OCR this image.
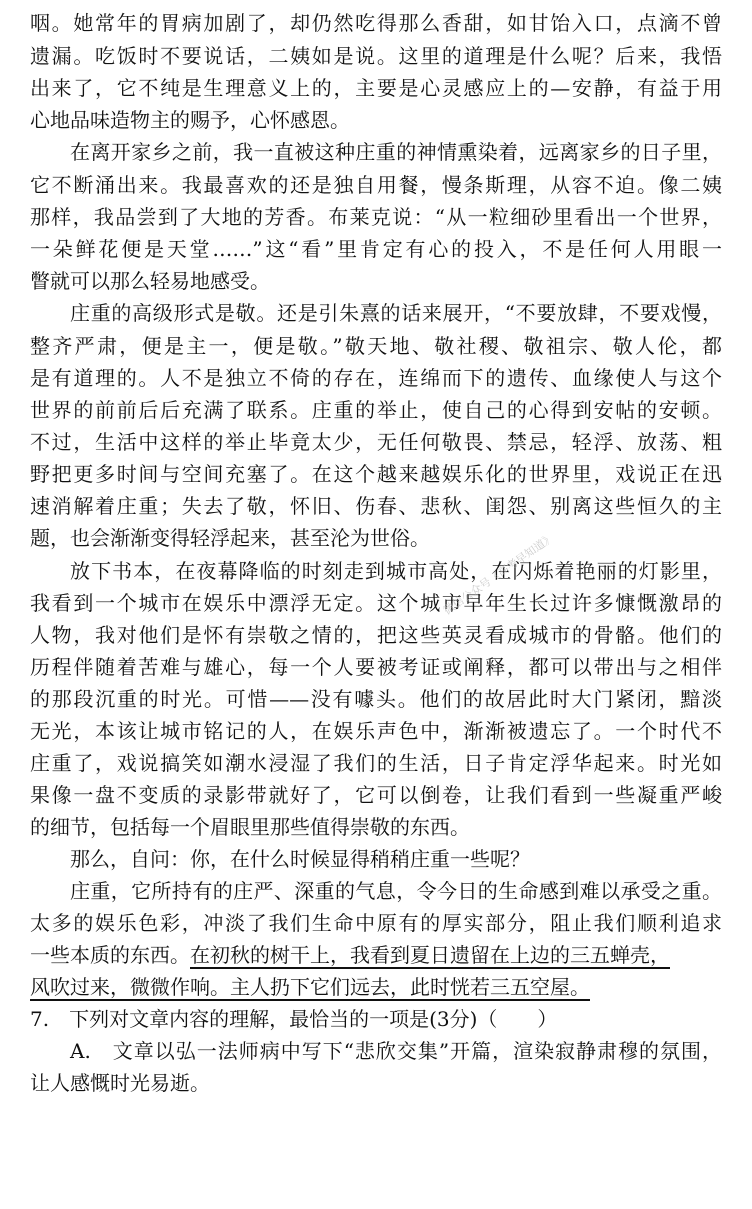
咽。她常年的胃病加剧了，却仍然吃得那么香甜，如甘饴入口，点滴不曾
遗漏。吃饭时不要说话，二姨如是说。这里的道理是什么呢？后来，我悟
出来了，它不纯是生理意义上的，主要是心灵感应上的—安静，有益于用
心地品味造物主的赐予，心怀感恩。
在离开家乡之前，我一直被这种庄重的神情熏染着，远离家乡的日子里，
它不断涌出来。我最喜欢的还是独自用餐，慢条斯理，从容不迫。像二姨
那样，我品尝到了大地的芳香。布莱克说：“从一粒细砂里看出一个世界，
一朵鲜花便是天堂……”这“看”里肯定有心的投入，不是任何人用眼一
瞥就可以那么轻易地感受。
庄重的高级形式是敬。还是引朱熹的话来展开，“不要放肆，不要戏慢，
整齐严肃，便是主一，便是敬。”敬天地、敬社稷、敬祖宗、敬人伦，都
是有道理的。人不是独立不倚的存在，连绵而下的遗传、血缘使人与这个
世界的前前后后充满了联系。庄重的举止，使自己的心得到安帖的安顿。
不过，生活中这样的举止毕竟太少，无任何敬畏、禁忌，轻浮、放荡、粗
野把更多时间与空间充塞了。在这个越来越娱乐化的世界里，戏说正在迅
速消解着庄重；失去了敬，怀旧、伤春、悲秋、闺怨、别离这些恒久的主
题，也会渐渐变得轻浮起来，甚至沦为世俗。
放下书本，在夜幕降临的时刻走到城市高处，在闪烁着艳丽的灯影里，
我看到一个城市在娱乐中漂浮无定。这个城市早年生长过许多慷慨激昂的
人物，我对他们是怀有崇敬之情的，把这些英灵看成城市的骨骼。他们的
历程伴随着苦难与雄心，每一个人要被考证或阐释，都可以带出与之相伴
的那段沉重的时光。可惜——没有噱头。他们的故居此时大门紧闭，黯淡
无光，本该让城市铭记的人，在娱乐声色中，渐渐被遗忘了。一个时代不
庄重了，戏说搞笑如潮水浸湿了我们的生活，日子肯定浮华起来。时光如
果像一盘不变质的录影带就好了，它可以倒卷，让我们看到一些凝重严峻
的细节，包括每一个眉眼里那些值得崇敬的东西。
那么，自问：你，在什么时候显得稍稍庄重一些呢？
庄重，它所持有的庄严、深重的气息，令今日的生命感到难以承受之重。
太多的娱乐色彩，冲淡了我们生命中原有的厚实部分，阻止我们顺利追求
一些本质的东西。在初秋的树干上，我看到夏日遗留在上边的三五蝉壳，
风吹过来，微微作响。主人扔下它们远去，此时恍若三五空屋。
7.　下列对文章内容的理解，最恰当的一项是(3分)（　　）
A.　文章以弘一法师病中写下“悲欣交集”开篇，渲染寂静肃穆的氛围，
让人感慨时光易逝。
微信公众号《高考早知道》
